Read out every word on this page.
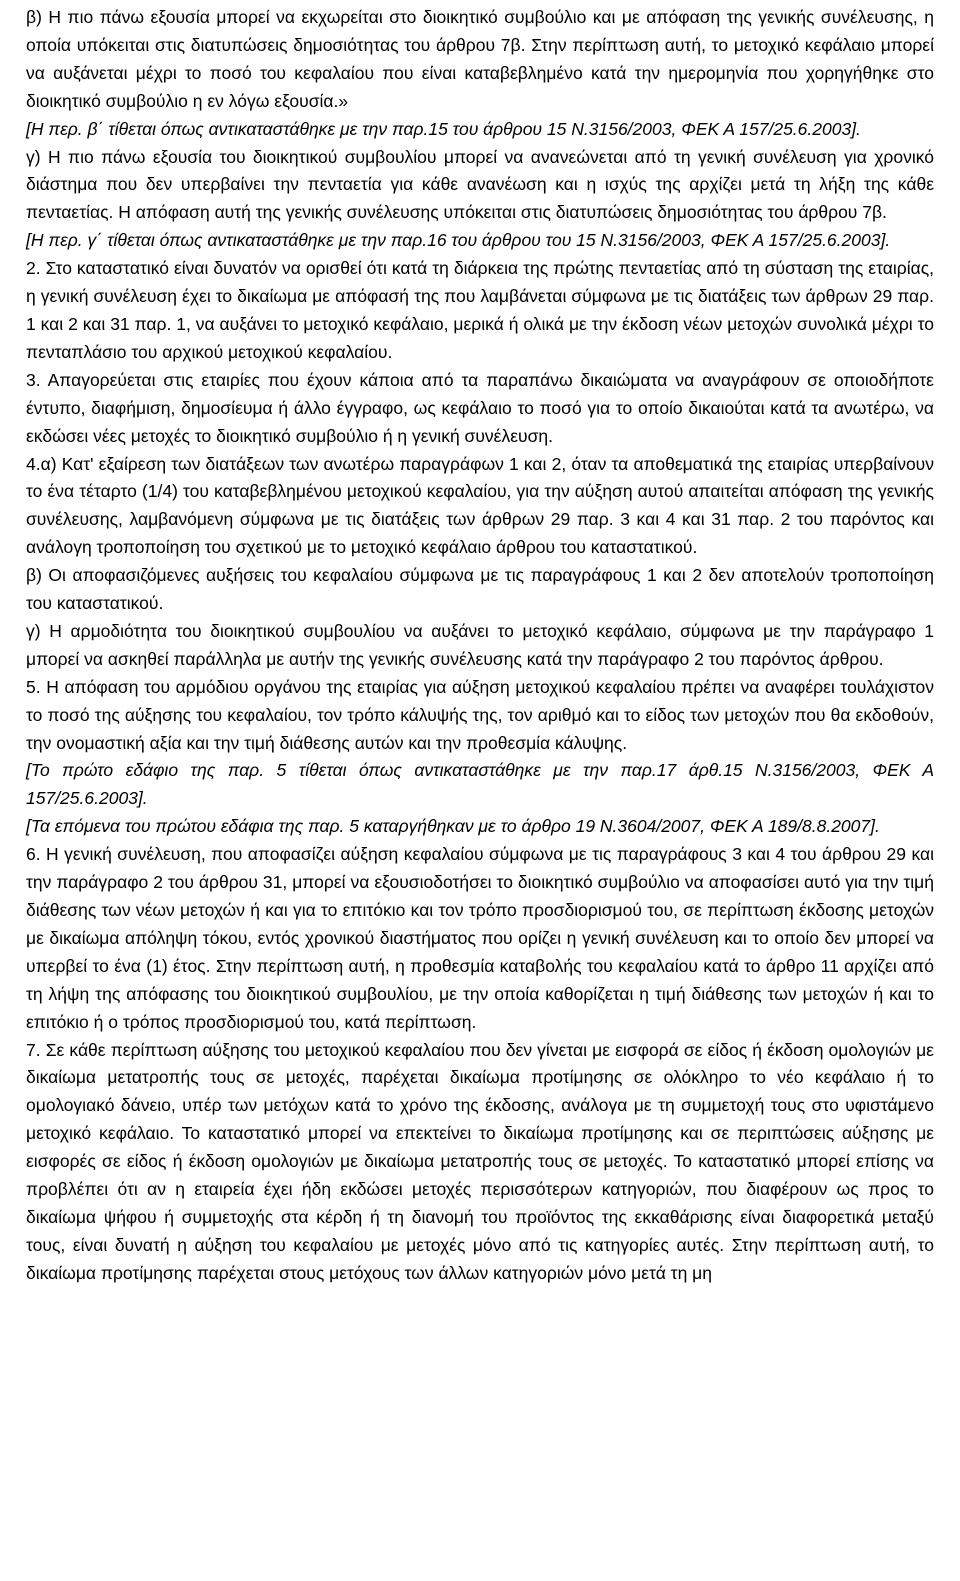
β) Η πιο πάνω εξουσία μπορεί να εκχωρείται στο διοικητικό συμβούλιο και με απόφαση της γενικής συνέλευσης, η οποία υπόκειται στις διατυπώσεις δημοσιότητας του άρθρου 7β. Στην περίπτωση αυτή, το μετοχικό κεφάλαιο μπορεί να αυξάνεται μέχρι το ποσό του κεφαλαίου που είναι καταβεβλημένο κατά την ημερομηνία που χορηγήθηκε στο διοικητικό συμβούλιο η εν λόγω εξουσία.»

[Η περ. β΄ τίθεται όπως αντικαταστάθηκε με την παρ.15 του άρθρου 15 Ν.3156/2003, ΦΕΚ Α 157/25.6.2003].

γ) Η πιο πάνω εξουσία του διοικητικού συμβουλίου μπορεί να ανανεώνεται από τη γενική συνέλευση για χρονικό διάστημα που δεν υπερβαίνει την πενταετία για κάθε ανανέωση και η ισχύς της αρχίζει μετά τη λήξη της κάθε πενταετίας. Η απόφαση αυτή της γενικής συνέλευσης υπόκειται στις διατυπώσεις δημοσιότητας του άρθρου 7β.

[Η περ. γ΄ τίθεται όπως αντικαταστάθηκε με την παρ.16 του άρθρου του 15 Ν.3156/2003, ΦΕΚ Α 157/25.6.2003].

2. Στο καταστατικό είναι δυνατόν να ορισθεί ότι κατά τη διάρκεια της πρώτης πενταετίας από τη σύσταση της εταιρίας, η γενική συνέλευση έχει το δικαίωμα με απόφασή της που λαμβάνεται σύμφωνα με τις διατάξεις των άρθρων 29 παρ. 1 και 2 και 31 παρ. 1, να αυξάνει το μετοχικό κεφάλαιο, μερικά ή ολικά με την έκδοση νέων μετοχών συνολικά μέχρι το πενταπλάσιο του αρχικού μετοχικού κεφαλαίου.

3. Απαγορεύεται στις εταιρίες που έχουν κάποια από τα παραπάνω δικαιώματα να αναγράφουν σε οποιοδήποτε έντυπο, διαφήμιση, δημοσίευμα ή άλλο έγγραφο, ως κεφάλαιο το ποσό για το οποίο δικαιούται κατά τα ανωτέρω, να εκδώσει νέες μετοχές το διοικητικό συμβούλιο ή η γενική συνέλευση.

4.α) Κατ' εξαίρεση των διατάξεων των ανωτέρω παραγράφων 1 και 2, όταν τα αποθεματικά της εταιρίας υπερβαίνουν το ένα τέταρτο (1/4) του καταβεβλημένου μετοχικού κεφαλαίου, για την αύξηση αυτού απαιτείται απόφαση της γενικής συνέλευσης, λαμβανόμενη σύμφωνα με τις διατάξεις των άρθρων 29 παρ. 3 και 4 και 31 παρ. 2 του παρόντος και ανάλογη τροποποίηση του σχετικού με το μετοχικό κεφάλαιο άρθρου του καταστατικού.

β) Οι αποφασιζόμενες αυξήσεις του κεφαλαίου σύμφωνα με τις παραγράφους 1 και 2 δεν αποτελούν τροποποίηση του καταστατικού.

γ) Η αρμοδιότητα του διοικητικού συμβουλίου να αυξάνει το μετοχικό κεφάλαιο, σύμφωνα με την παράγραφο 1 μπορεί να ασκηθεί παράλληλα με αυτήν της γενικής συνέλευσης κατά την παράγραφο 2 του παρόντος άρθρου.

5. Η απόφαση του αρμόδιου οργάνου της εταιρίας για αύξηση μετοχικού κεφαλαίου πρέπει να αναφέρει τουλάχιστον το ποσό της αύξησης του κεφαλαίου, τον τρόπο κάλυψής της, τον αριθμό και το είδος των μετοχών που θα εκδοθούν, την ονομαστική αξία και την τιμή διάθεσης αυτών και την προθεσμία κάλυψης.

[Το πρώτο εδάφιο της παρ. 5 τίθεται όπως αντικαταστάθηκε με την παρ.17 άρθ.15 Ν.3156/2003, ΦΕΚ Α 157/25.6.2003].

[Τα επόμενα του πρώτου εδάφια της παρ. 5 καταργήθηκαν με το άρθρο 19 Ν.3604/2007, ΦΕΚ Α 189/8.8.2007].

6. Η γενική συνέλευση, που αποφασίζει αύξηση κεφαλαίου σύμφωνα με τις παραγράφους 3 και 4 του άρθρου 29 και την παράγραφο 2 του άρθρου 31, μπορεί να εξουσιοδοτήσει το διοικητικό συμβούλιο να αποφασίσει αυτό για την τιμή διάθεσης των νέων μετοχών ή και για το επιτόκιο και τον τρόπο προσδιορισμού του, σε περίπτωση έκδοσης μετοχών με δικαίωμα απόληψη τόκου, εντός χρονικού διαστήματος που ορίζει η γενική συνέλευση και το οποίο δεν μπορεί να υπερβεί το ένα (1) έτος. Στην περίπτωση αυτή, η προθεσμία καταβολής του κεφαλαίου κατά το άρθρο 11 αρχίζει από τη λήψη της απόφασης του διοικητικού συμβουλίου, με την οποία καθορίζεται η τιμή διάθεσης των μετοχών ή και το επιτόκιο ή ο τρόπος προσδιορισμού του, κατά περίπτωση.

7. Σε κάθε περίπτωση αύξησης του μετοχικού κεφαλαίου που δεν γίνεται με εισφορά σε είδος ή έκδοση ομολογιών με δικαίωμα μετατροπής τους σε μετοχές, παρέχεται δικαίωμα προτίμησης σε ολόκληρο το νέο κεφάλαιο ή το ομολογιακό δάνειο, υπέρ των μετόχων κατά το χρόνο της έκδοσης, ανάλογα με τη συμμετοχή τους στο υφιστάμενο μετοχικό κεφάλαιο. Το καταστατικό μπορεί να επεκτείνει το δικαίωμα προτίμησης και σε περιπτώσεις αύξησης με εισφορές σε είδος ή έκδοση ομολογιών με δικαίωμα μετατροπής τους σε μετοχές. Το καταστατικό μπορεί επίσης να προβλέπει ότι αν η εταιρεία έχει ήδη εκδώσει μετοχές περισσότερων κατηγοριών, που διαφέρουν ως προς το δικαίωμα ψήφου ή συμμετοχής στα κέρδη ή τη διανομή του προϊόντος της εκκαθάρισης είναι διαφορετικά μεταξύ τους, είναι δυνατή η αύξηση του κεφαλαίου με μετοχές μόνο από τις κατηγορίες αυτές. Στην περίπτωση αυτή, το δικαίωμα προτίμησης παρέχεται στους μετόχους των άλλων κατηγοριών μόνο μετά τη μη
